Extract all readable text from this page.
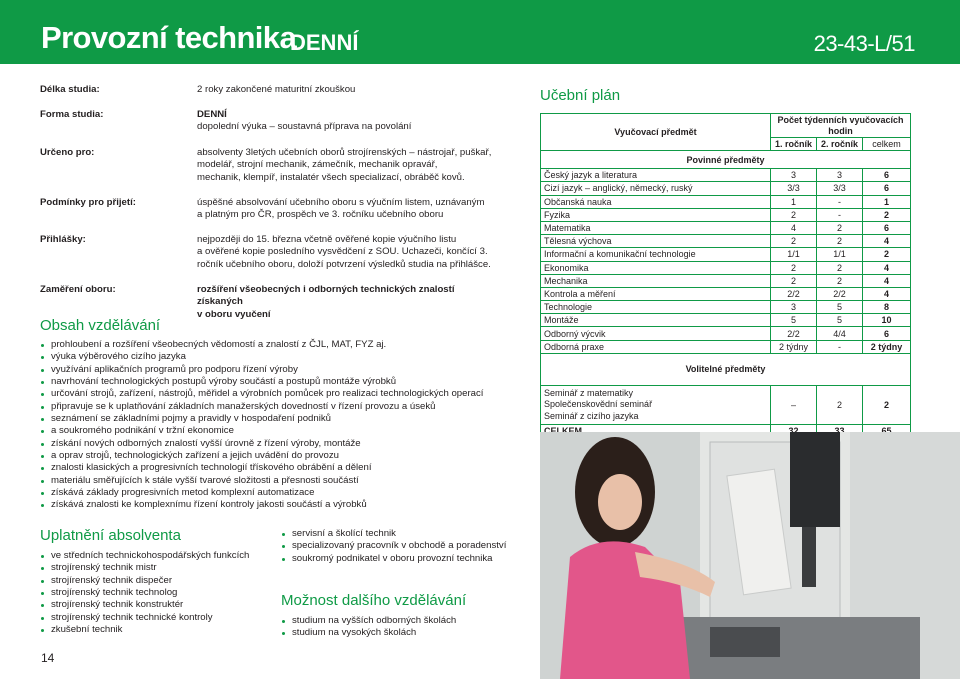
Provozní technika
DENNÍ	23-43-L/51
Délka studia:	2 roky zakončené maturitní zkouškou
Forma studia:	DENNÍ
dopolední výuka – soustavná příprava na povolání
Určeno pro:	absolventy 3letých učebních oborů strojírenských – nástrojař, puškař,
modelář, strojní mechanik, zámečník, mechanik opravář,
mechanik, klempíř, instalatér všech specializací, obráběč kovů.
Podmínky pro přijetí:	úspěšné absolvování učebního oboru s výučním listem, uznávaným
a platným pro ČR, prospěch ve 3. ročníku učebního oboru
Přihlášky:	nejpozději do 15. března včetně ověřené kopie výučního listu
a ověřené kopie posledního vysvědčení z SOU. Uchazeči, končící 3.
ročník učebního oboru, doloží potvrzení výsledků studia na přihlášce.
Zaměření oboru:	rozšíření všeobecných i odborných technických znalostí získaných
v oboru vyučení
Obsah vzdělávání
prohloubení a rozšíření všeobecných vědomostí a znalostí z ČJL, MAT, FYZ aj.
výuka výběrového cizího jazyka
využívání aplikačních programů pro podporu řízení výroby
navrhování technologických postupů výroby součástí a postupů montáže výrobků
určování strojů, zařízení, nástrojů, měřidel a výrobních pomůcek pro realizaci technologických operací
připravuje se k uplatňování základních manažerských dovedností v řízení provozu a úseků
seznámení se základními pojmy a pravidly v hospodaření podniků
a soukromého podnikání v tržní ekonomice
získání nových odborných znalostí vyšší úrovně z řízení výroby, montáže
a oprav strojů, technologických zařízení a jejich uvádění do provozu
znalosti klasických a progresivních technologií třískového obrábění a dělení
materiálu směřujících k stále vyšší tvarové složitosti a přesnosti součástí
získává základy progresivních metod komplexní automatizace
získává znalosti ke komplexnímu řízení kontroly jakosti součástí a výrobků
Uplatnění absolventa
ve středních technickohospodářských funkcích
strojírenský technik mistr
strojírenský technik dispečer
strojírenský technik technolog
strojírenský technik konstruktér
strojírenský technik technické kontroly
zkušební technik
servisní a školící technik
specializovaný pracovník v obchodě a poradenství
soukromý podnikatel v oboru provozní technika
Možnost dalšího vzdělávání
studium na vyšších odborných školách
studium na vysokých školách
14
Učební plán
Vyučovací předmět	Počet týdenních vyučovacích hodin		
	1. ročník	2. ročník	celkem
Povinné předměty			
Český jazyk a literatura	3	3	6
Cizí jazyk – anglický, německý, ruský	3/3	3/3	6
Občanská nauka	1	-	1
Fyzika	2	-	2
Matematika	4	2	6
Tělesná výchova	2	2	4
Informační a komunikační technologie	1/1	1/1	2
Ekonomika	2	2	4
Mechanika	2	2	4
Kontrola a měření	2/2	2/2	4
Technologie	3	5	8
Montáže	5	5	10
Odborný výcvik	2/2	4/4	6
Odborná praxe	2 týdny	-	2 týdny
Volitelné předměty			

Seminář z matematiky
Společenskovědní seminář
Seminář z cizího jazyka	–	2	2
